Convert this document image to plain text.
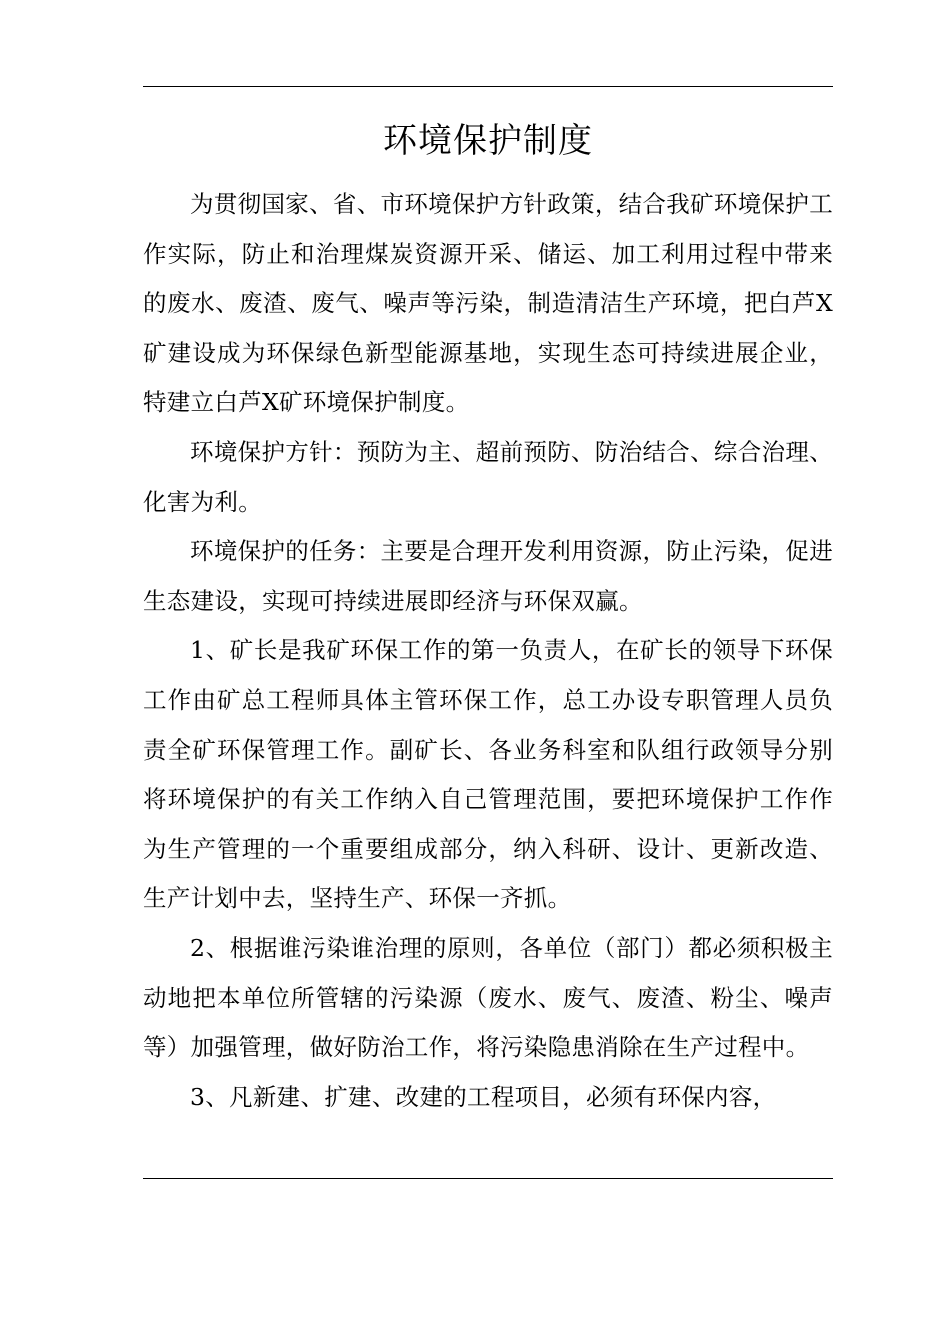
环境保护制度

为贯彻国家、省、市环境保护方针政策，结合我矿环境保护工作实际，防止和治理煤炭资源开采、储运、加工利用过程中带来的废水、废渣、废气、噪声等污染，制造清洁生产环境，把白芦X矿建设成为环保绿色新型能源基地，实现生态可持续进展企业，特建立白芦X矿环境保护制度。

环境保护方针：预防为主、超前预防、防治结合、综合治理、化害为利。

环境保护的任务：主要是合理开发利用资源，防止污染，促进生态建设，实现可持续进展即经济与环保双赢。

1、矿长是我矿环保工作的第一负责人，在矿长的领导下环保工作由矿总工程师具体主管环保工作，总工办设专职管理人员负责全矿环保管理工作。副矿长、各业务科室和队组行政领导分别将环境保护的有关工作纳入自己管理范围，要把环境保护工作作为生产管理的一个重要组成部分，纳入科研、设计、更新改造、生产计划中去，坚持生产、环保一齐抓。

2、根据谁污染谁治理的原则，各单位（部门）都必须积极主动地把本单位所管辖的污染源（废水、废气、废渣、粉尘、噪声等）加强管理，做好防治工作，将污染隐患消除在生产过程中。

3、凡新建、扩建、改建的工程项目，必须有环保内容，
